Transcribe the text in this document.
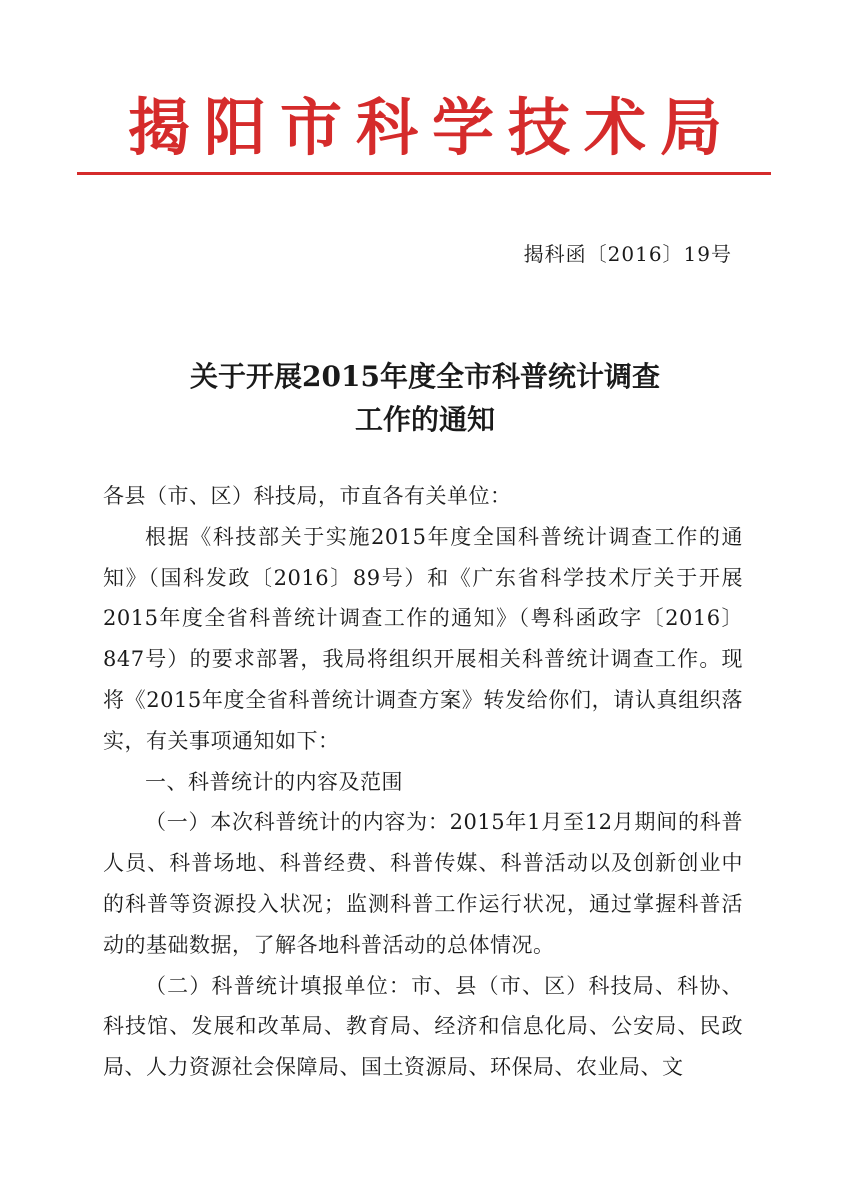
揭阳市科学技术局
揭科函〔2016〕19号
关于开展2015年度全市科普统计调查
工作的通知

各县（市、区）科技局，市直各有关单位：

根据《科技部关于实施2015年度全国科普统计调查工作的通知》（国科发政〔2016〕89号）和《广东省科学技术厅关于开展2015年度全省科普统计调查工作的通知》（粤科函政字〔2016〕847号）的要求部署，我局将组织开展相关科普统计调查工作。现将《2015年度全省科普统计调查方案》转发给你们，请认真组织落实，有关事项通知如下：

一、科普统计的内容及范围

（一）本次科普统计的内容为：2015年1月至12月期间的科普人员、科普场地、科普经费、科普传媒、科普活动以及创新创业中的科普等资源投入状况；监测科普工作运行状况，通过掌握科普活动的基础数据，了解各地科普活动的总体情况。

（二）科普统计填报单位：市、县（市、区）科技局、科协、科技馆、发展和改革局、教育局、经济和信息化局、公安局、民政局、人力资源社会保障局、国土资源局、环保局、农业局、文
